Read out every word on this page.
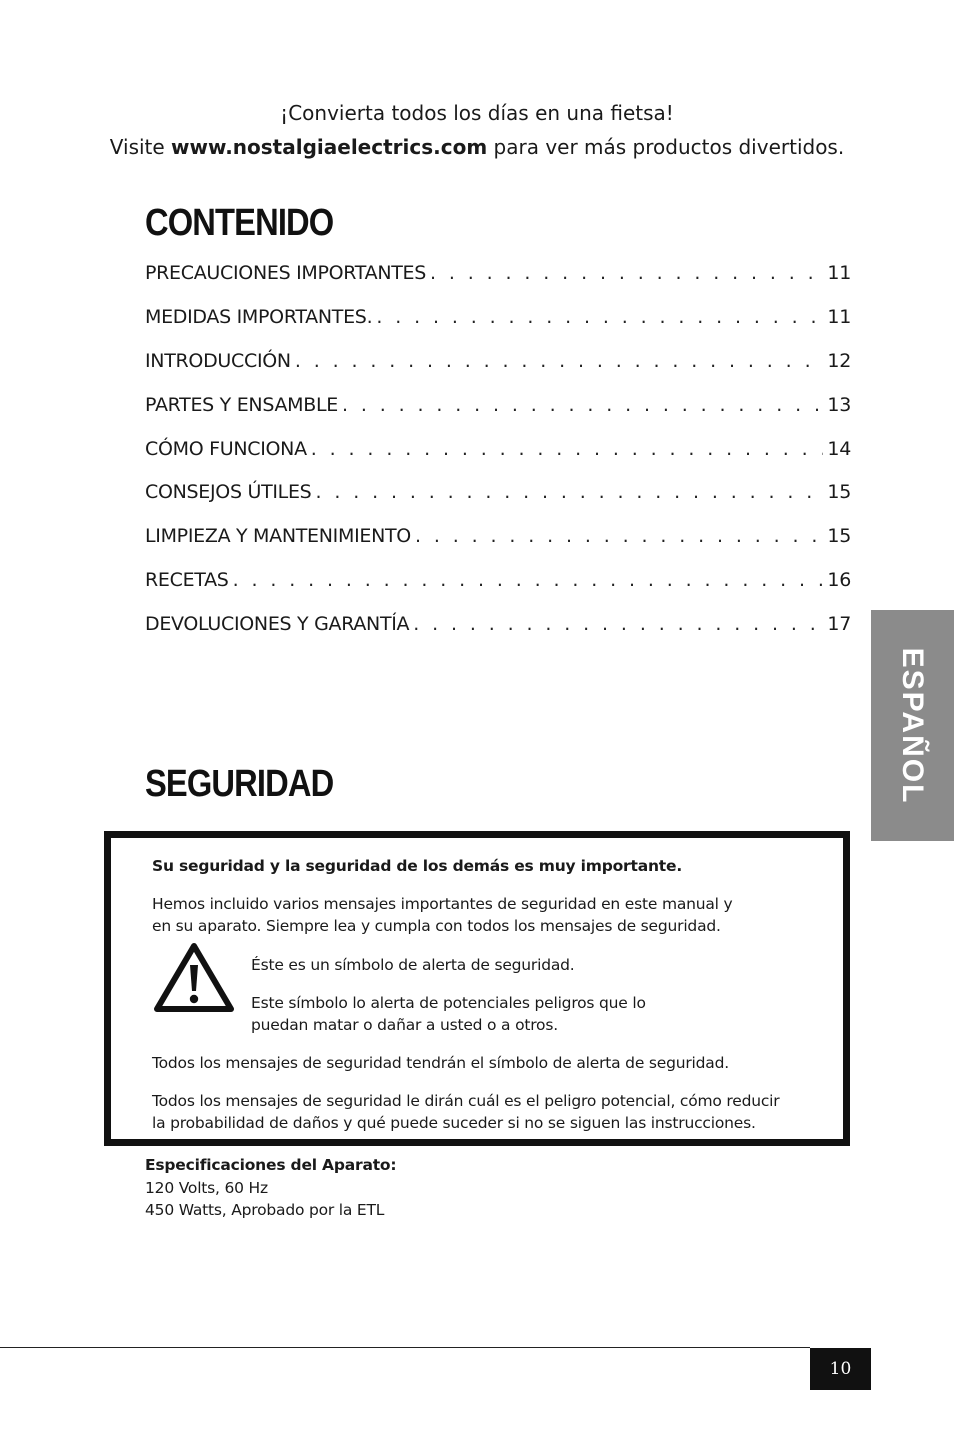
¡Convierta todos los días en una fietsa!
Visite www.nostalgiaelectrics.com para ver más productos divertidos.
CONTENIDO
PRECAUCIONES IMPORTANTES . . .	11
MEDIDAS IMPORTANTES. . . .	11
INTRODUCCIÓN . . .	12
PARTES Y ENSAMBLE . . .	13
CÓMO FUNCIONA . . .	14
CONSEJOS ÚTILES . . .	15
LIMPIEZA Y MANTENIMIENTO . . .	15
RECETAS . . .	16
DEVOLUCIONES Y GARANTÍA . . .	17
ESPAÑOL
SEGURIDAD
Su seguridad y la seguridad de los demás es muy importante.
Hemos incluido varios mensajes importantes de seguridad en este manual y
en su aparato. Siempre lea y cumpla con todos los mensajes de seguridad.
Éste es un símbolo de alerta de seguridad.
Este símbolo lo alerta de potenciales peligros que lo
puedan matar o dañar a usted o a otros.
Todos los mensajes de seguridad tendrán el símbolo de alerta de seguridad.
Todos los mensajes de seguridad le dirán cuál es el peligro potencial, cómo reducir
la probabilidad de daños y qué puede suceder si no se siguen las instrucciones.
Especificaciones del Aparato:
120 Volts, 60 Hz
450 Watts, Aprobado por la ETL
10
